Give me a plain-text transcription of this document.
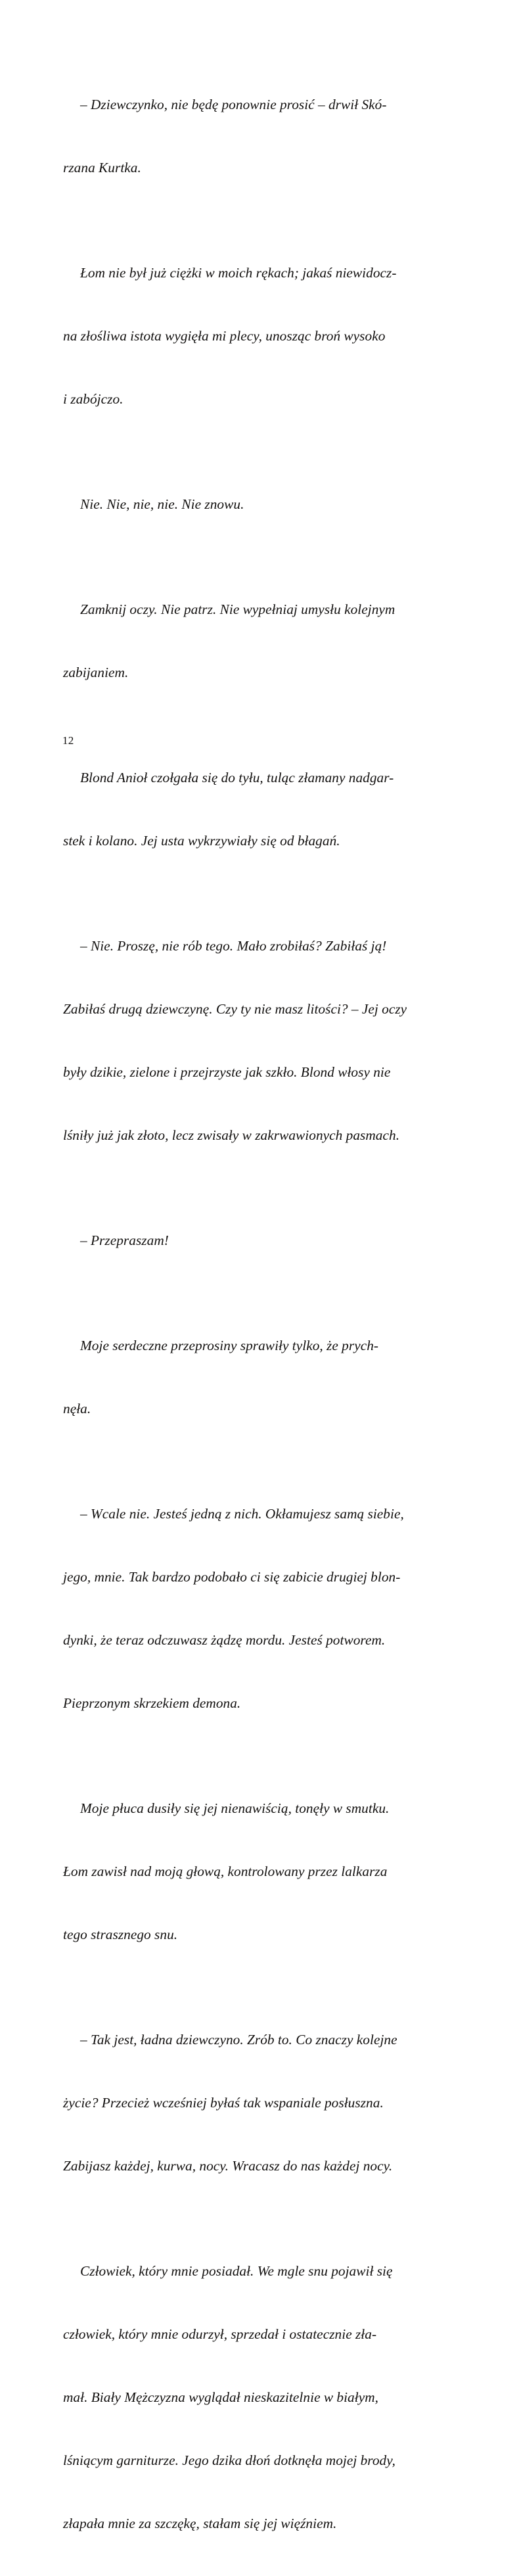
– Dziewczynko, nie będę ponownie prosić – drwił Skó-

rzana Kurtka.

Łom nie był już ciężki w moich rękach; jakaś niewidocz-

na złośliwa istota wygięła mi plecy, unosząc broń wysoko

i zabójczo.

Nie. Nie, nie, nie. Nie znowu.

Zamknij oczy. Nie patrz. Nie wypełniaj umysłu kolejnym

zabijaniem.

Blond Anioł czołgała się do tyłu, tuląc złamany nadgar-

stek i kolano. Jej usta wykrzywiały się od błagań.

– Nie. Proszę, nie rób tego. Mało zrobiłaś? Zabiłaś ją!

Zabiłaś drugą dziewczynę. Czy ty nie masz litości? – Jej oczy

były dzikie, zielone i przejrzyste jak szkło. Blond włosy nie

lśniły już jak złoto, lecz zwisały w zakrwawionych pasmach.

– Przepraszam!

Moje serdeczne przeprosiny sprawiły tylko, że prych-

nęła.

– Wcale nie. Jesteś jedną z nich. Okłamujesz samą siebie,

jego, mnie. Tak bardzo podobało ci się zabicie drugiej blon-

dynki, że teraz odczuwasz żądzę mordu. Jesteś potworem.

Pieprzonym skrzekiem demona.

Moje płuca dusiły się jej nienawiścią, tonęły w smutku.

Łom zawisł nad moją głową, kontrolowany przez lalkarza

tego strasznego snu.

– Tak jest, ładna dziewczyno. Zrób to. Co znaczy kolejne

życie? Przecież wcześniej byłaś tak wspaniale posłuszna.

Zabijasz każdej, kurwa, nocy. Wracasz do nas każdej nocy.

Człowiek, który mnie posiadał. We mgle snu pojawił się

człowiek, który mnie odurzył, sprzedał i ostatecznie zła-

mał. Biały Mężczyzna wyglądał nieskazitelnie w białym,

lśniącym garniturze. Jego dzika dłoń dotknęła mojej brody,

złapała mnie za szczękę, stałam się jej więźniem.

12
